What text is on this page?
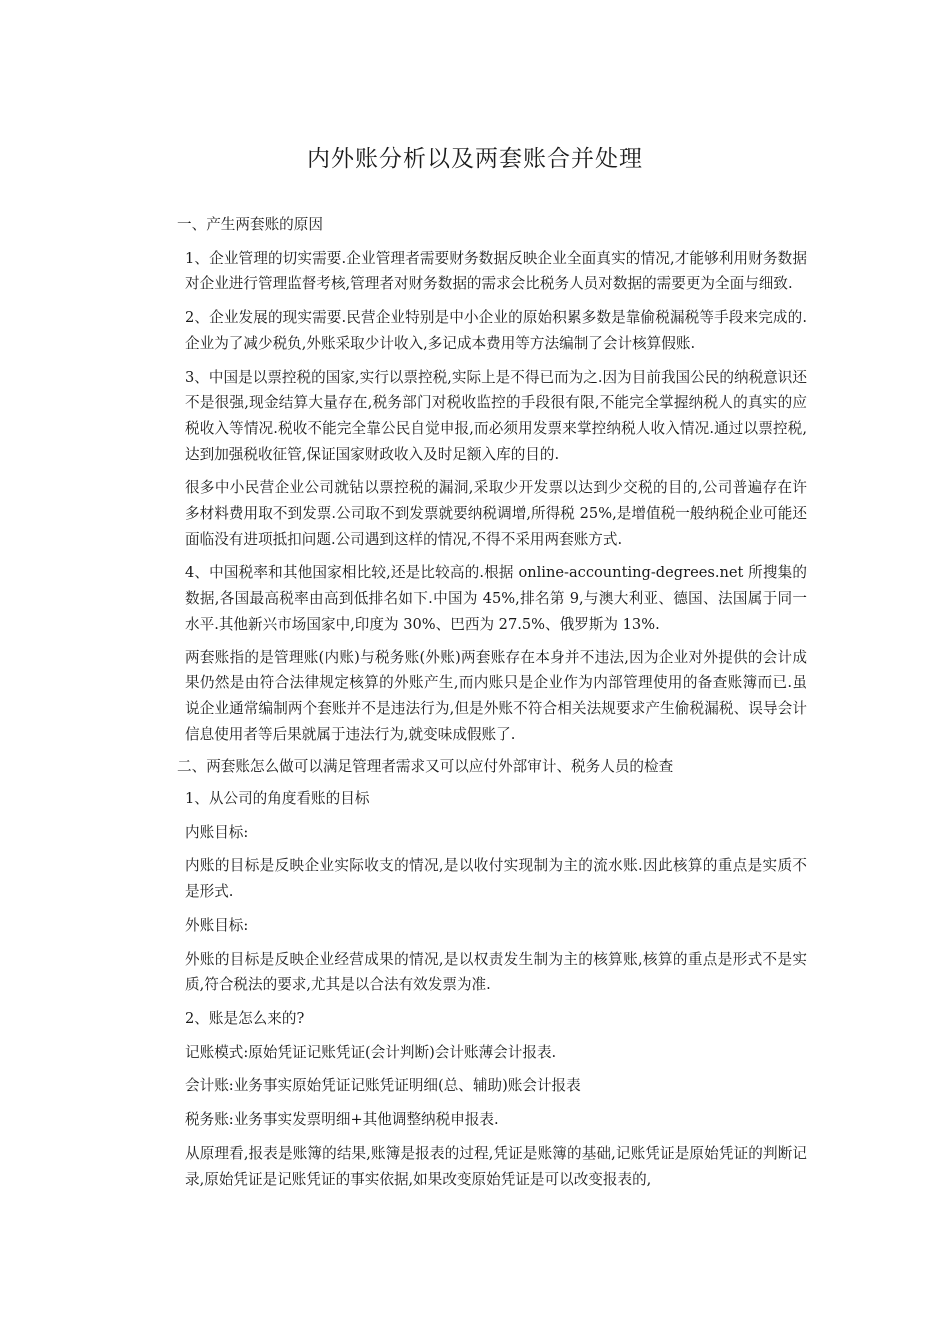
内外账分析以及两套账合并处理

一、产生两套账的原因

1、企业管理的切实需要.企业管理者需要财务数据反映企业全面真实的情况,才能够利用财务数据对企业进行管理监督考核,管理者对财务数据的需求会比税务人员对数据的需要更为全面与细致.

2、企业发展的现实需要.民营企业特别是中小企业的原始积累多数是靠偷税漏税等手段来完成的.企业为了减少税负,外账采取少计收入,多记成本费用等方法编制了会计核算假账.

3、中国是以票控税的国家,实行以票控税,实际上是不得已而为之.因为目前我国公民的纳税意识还不是很强,现金结算大量存在,税务部门对税收监控的手段很有限,不能完全掌握纳税人的真实的应税收入等情况.税收不能完全靠公民自觉申报,而必须用发票来掌控纳税人收入情况.通过以票控税,达到加强税收征管,保证国家财政收入及时足额入库的目的.

很多中小民营企业公司就钻以票控税的漏洞,采取少开发票以达到少交税的目的,公司普遍存在许多材料费用取不到发票.公司取不到发票就要纳税调增,所得税 25%,是增值税一般纳税企业可能还面临没有进项抵扣问题.公司遇到这样的情况,不得不采用两套账方式.

4、中国税率和其他国家相比较,还是比较高的.根据 online-accounting-degrees.net 所搜集的数据,各国最高税率由高到低排名如下.中国为 45%,排名第 9,与澳大利亚、德国、法国属于同一水平.其他新兴市场国家中,印度为 30%、巴西为 27.5%、俄罗斯为 13%.

两套账指的是管理账(内账)与税务账(外账)两套账存在本身并不违法,因为企业对外提供的会计成果仍然是由符合法律规定核算的外账产生,而内账只是企业作为内部管理使用的备查账簿而已.虽说企业通常编制两个套账并不是违法行为,但是外账不符合相关法规要求产生偷税漏税、误导会计信息使用者等后果就属于违法行为,就变味成假账了.

二、两套账怎么做可以满足管理者需求又可以应付外部审计、税务人员的检查

1、从公司的角度看账的目标

内账目标:

内账的目标是反映企业实际收支的情况,是以收付实现制为主的流水账.因此核算的重点是实质不是形式.

外账目标:

外账的目标是反映企业经营成果的情况,是以权责发生制为主的核算账,核算的重点是形式不是实质,符合税法的要求,尤其是以合法有效发票为准.

2、账是怎么来的?

记账模式:原始凭证记账凭证(会计判断)会计账薄会计报表.

会计账:业务事实原始凭证记账凭证明细(总、辅助)账会计报表

税务账:业务事实发票明细+其他调整纳税申报表.

从原理看,报表是账簿的结果,账簿是报表的过程,凭证是账簿的基础,记账凭证是原始凭证的判断记录,原始凭证是记账凭证的事实依据,如果改变原始凭证是可以改变报表的,
